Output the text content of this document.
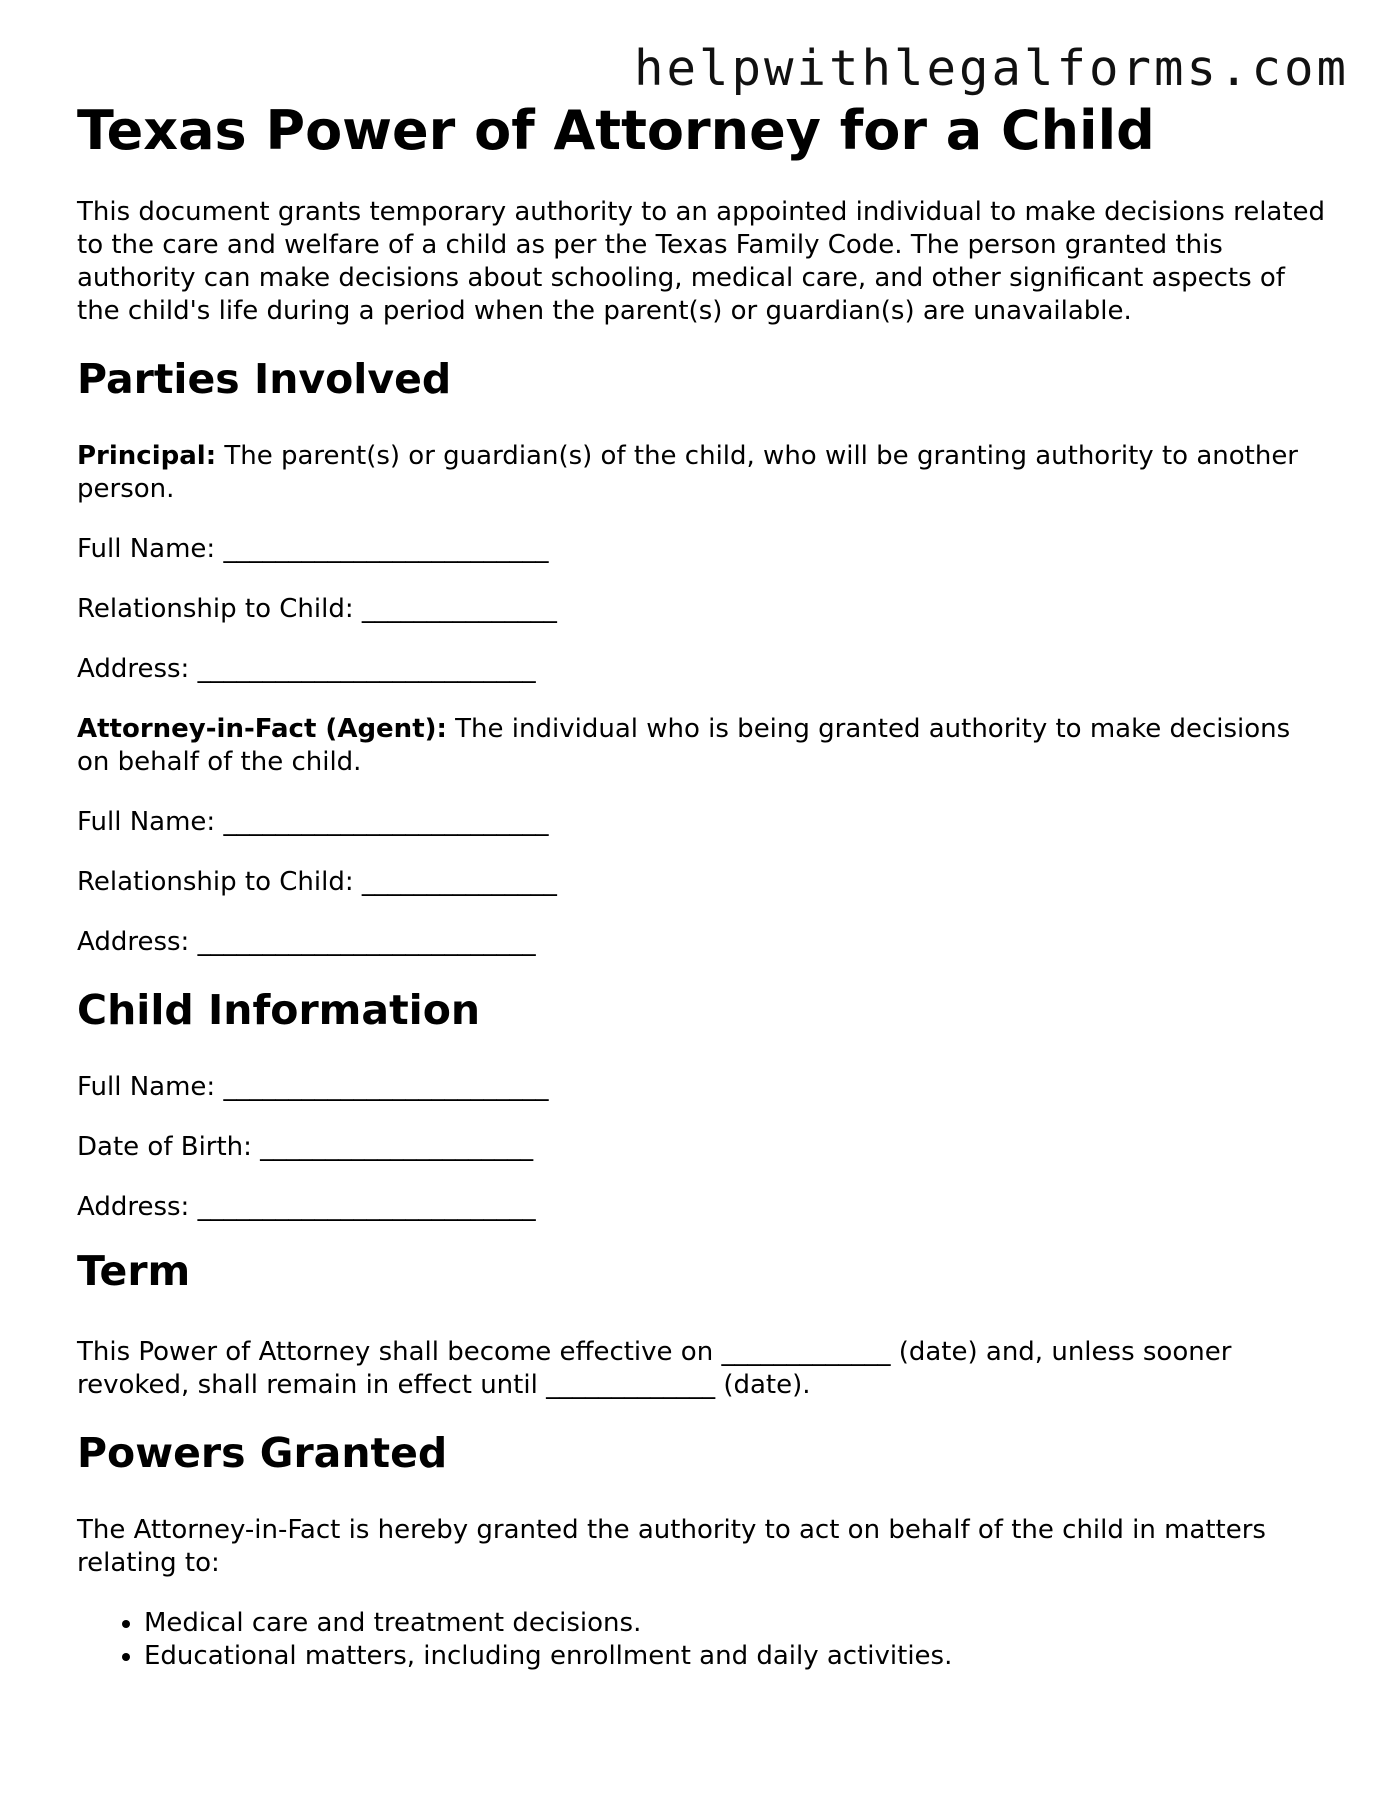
helpwithlegalforms.com
Texas Power of Attorney for a Child

This document grants temporary authority to an appointed individual to make decisions related to the care and welfare of a child as per the Texas Family Code. The person granted this authority can make decisions about schooling, medical care, and other significant aspects of the child's life during a period when the parent(s) or guardian(s) are unavailable.

Parties Involved

Principal: The parent(s) or guardian(s) of the child, who will be granting authority to another person.

Full Name: _________________________

Relationship to Child: _______________

Address: __________________________

Attorney-in-Fact (Agent): The individual who is being granted authority to make decisions on behalf of the child.

Full Name: _________________________

Relationship to Child: _______________

Address: __________________________

Child Information

Full Name: _________________________

Date of Birth: _____________________

Address: __________________________

Term

This Power of Attorney shall become effective on _____________ (date) and, unless sooner revoked, shall remain in effect until _____________ (date).

Powers Granted

The Attorney-in-Fact is hereby granted the authority to act on behalf of the child in matters relating to:

• Medical care and treatment decisions.
• Educational matters, including enrollment and daily activities.
